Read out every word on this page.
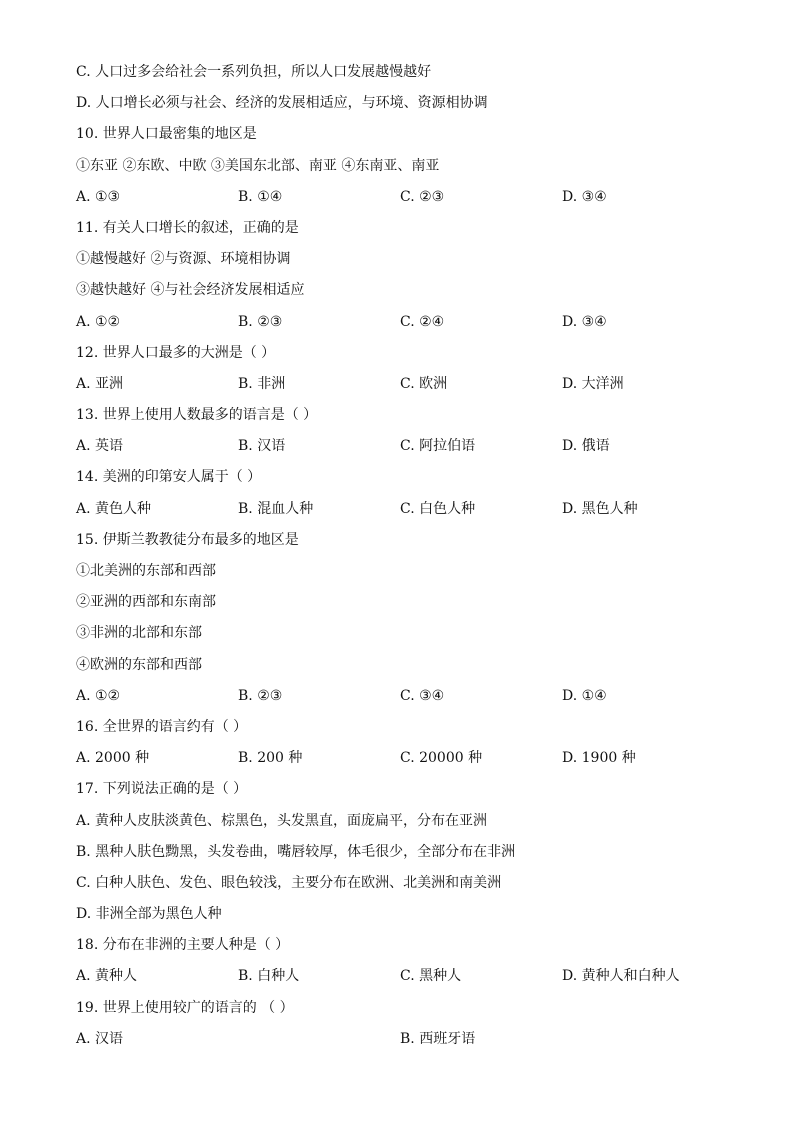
C. 人口过多会给社会一系列负担，所以人口发展越慢越好
D. 人口增长必须与社会、经济的发展相适应，与环境、资源相协调
10. 世界人口最密集的地区是
①东亚 ②东欧、中欧 ③美国东北部、南亚 ④东南亚、南亚
A. ①③	B. ①④	C. ②③	D. ③④
11. 有关人口增长的叙述，正确的是
①越慢越好 ②与资源、环境相协调
③越快越好 ④与社会经济发展相适应
A. ①②	B. ②③	C. ②④	D. ③④
12. 世界人口最多的大洲是（ ）
A. 亚洲	B. 非洲	C. 欧洲	D. 大洋洲
13. 世界上使用人数最多的语言是（ ）
A. 英语	B. 汉语	C. 阿拉伯语	D. 俄语
14. 美洲的印第安人属于（ ）
A. 黄色人种	B. 混血人种	C. 白色人种	D. 黑色人种
15. 伊斯兰教教徒分布最多的地区是
①北美洲的东部和西部
②亚洲的西部和东南部
③非洲的北部和东部
④欧洲的东部和西部
A. ①②	B. ②③	C. ③④	D. ①④
16. 全世界的语言约有（ ）
A. 2000 种	B. 200 种	C. 20000 种	D. 1900 种
17. 下列说法正确的是（ ）
A. 黄种人皮肤淡黄色、棕黑色，头发黑直，面庞扁平，分布在亚洲
B. 黑种人肤色黝黑，头发卷曲，嘴唇较厚，体毛很少，全部分布在非洲
C. 白种人肤色、发色、眼色较浅，主要分布在欧洲、北美洲和南美洲
D. 非洲全部为黑色人种
18. 分布在非洲的主要人种是（ ）
A. 黄种人	B. 白种人	C. 黑种人	D. 黄种人和白种人
19. 世界上使用较广的语言的 （ ）
A. 汉语	B. 西班牙语
